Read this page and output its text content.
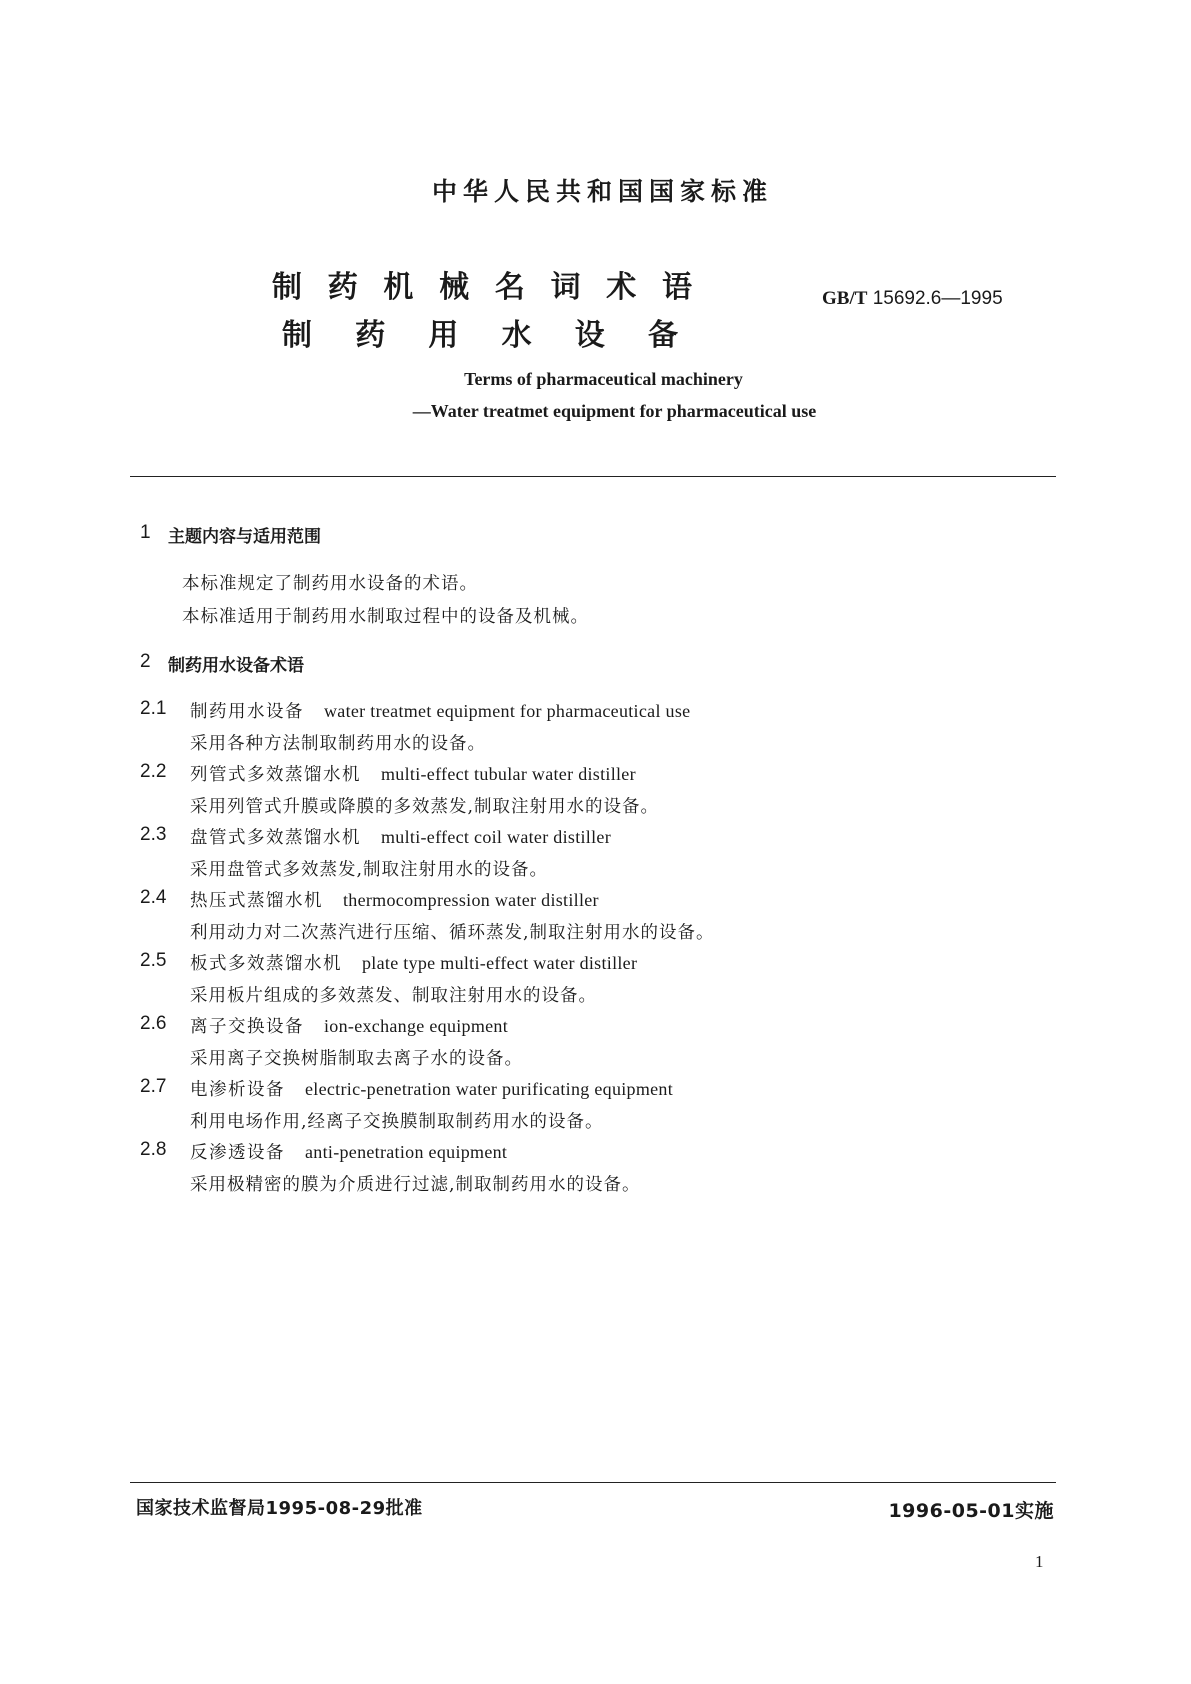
中华人民共和国国家标准
制药机械名词术语
制药用水设备
GB/T 15692.6—1995
Terms of pharmaceutical machinery
—Water treatmet equipment for pharmaceutical use
1 主题内容与适用范围
本标准规定了制药用水设备的术语。
本标准适用于制药用水制取过程中的设备及机械。
2 制药用水设备术语
2.1 制药用水设备 water treatmet equipment for pharmaceutical use
采用各种方法制取制药用水的设备。
2.2 列管式多效蒸馏水机 multi-effect tubular water distiller
采用列管式升膜或降膜的多效蒸发,制取注射用水的设备。
2.3 盘管式多效蒸馏水机 multi-effect coil water distiller
采用盘管式多效蒸发,制取注射用水的设备。
2.4 热压式蒸馏水机 thermocompression water distiller
利用动力对二次蒸汽进行压缩、循环蒸发,制取注射用水的设备。
2.5 板式多效蒸馏水机 plate type multi-effect water distiller
采用板片组成的多效蒸发、制取注射用水的设备。
2.6 离子交换设备 ion-exchange equipment
采用离子交换树脂制取去离子水的设备。
2.7 电渗析设备 electric-penetration water purificating equipment
利用电场作用,经离子交换膜制取制药用水的设备。
2.8 反渗透设备 anti-penetration equipment
采用极精密的膜为介质进行过滤,制取制药用水的设备。
国家技术监督局1995-08-29批准	1996-05-01实施
1
